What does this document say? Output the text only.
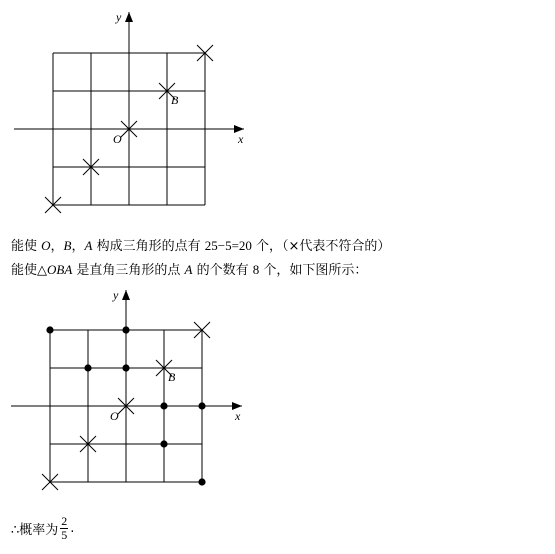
y
x
O
B
能使 O，B，A 构成三角形的点有 25−5=20 个，（×代表不符合的）
能使△OBA 是直角三角形的点 A 的个数有 8 个，如下图所示：
y
x
O
B
∴概率为 $\frac{2}{5}$ .
